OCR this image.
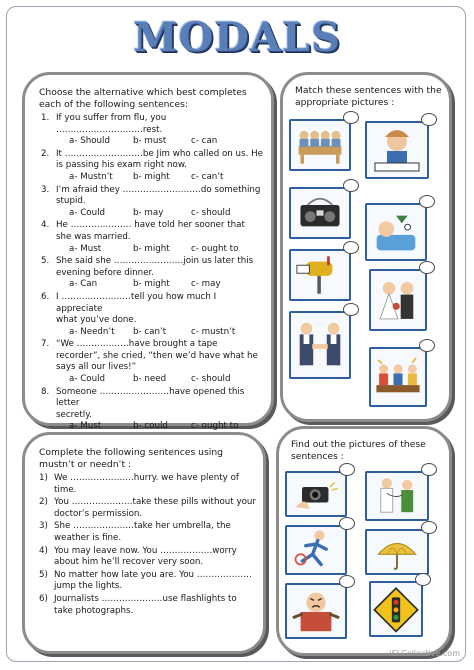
MODALS
Choose the alternative which best completes each of the following sentences:
1. If you suffer from flu, you
…………………………rest.
a- Should	b- must	c- can
2. It ………………………be Jim who called on us. He
is passing his exam right now.
a- Mustn’t	b- might	c- can’t
3. I’m afraid they ………………………do something
stupid.
a- Could	b- may	c- should
4. He ………………… have told her sooner that
she was married.
a- Must	b- might	c- ought to
5. She said she ……………………join us later this
evening before dinner.
a- Can	b- might	c- may
6. I ……………………tell you how much I appreciate
what you’ve done.
a- Needn’t	b- can’t	c- mustn’t
7. “We ………………have brought a tape
recorder”, she cried, “then we’d have what he
says all our lives!”
a- Could	b- need	c- should
8. Someone ……………………have opened this letter
secretly.
a- Must	b- could	c- ought to
Match these sentences with the appropriate pictures :
Complete the following sentences using mustn’t or needn’t :
1) We ………………….hurry. we have plenty of
time.
2) You …………………take these pills without your
doctor’s permission.
3) She …………………take her umbrella, the
weather is fine.
4) You may leave now. You ………………worry
about him he’ll recover very soon.
5) No matter how late you are. You ……………….
jump the lights.
6) Journalists …………………use flashlights to
take photographs.
Find out the pictures of these sentences :
iSLCollective.com
